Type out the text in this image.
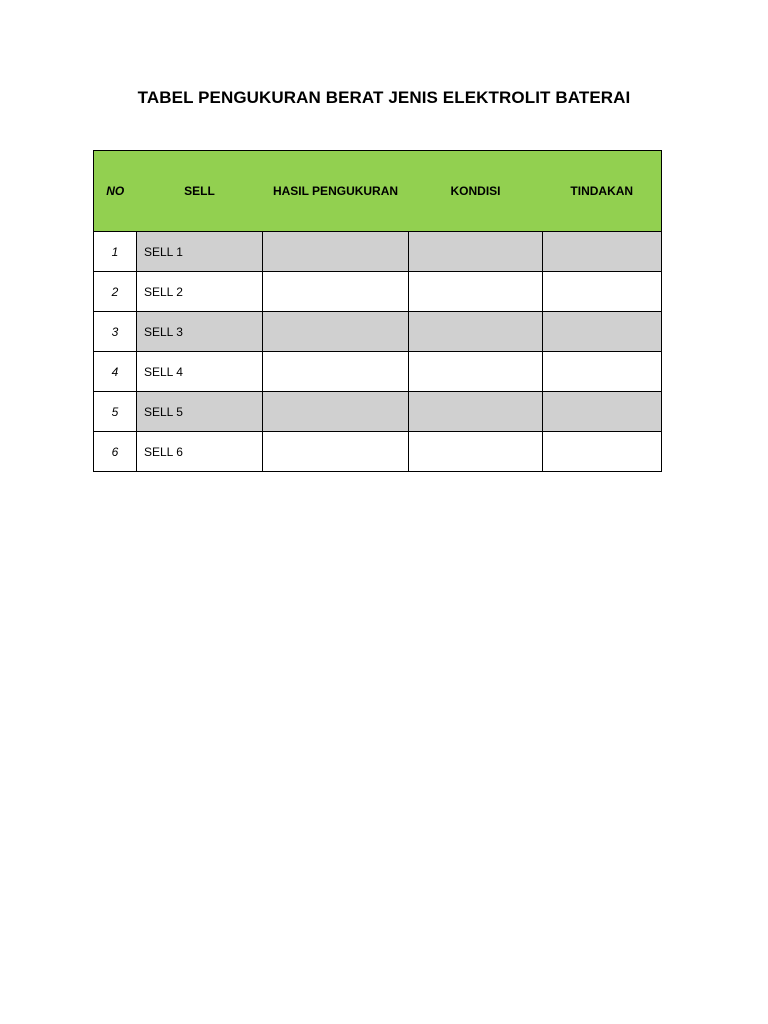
TABEL PENGUKURAN BERAT JENIS ELEKTROLIT BATERAI
NO	SELL	HASIL PENGUKURAN	KONDISI	TINDAKAN
1	SELL 1			
2	SELL 2			
3	SELL 3			
4	SELL 4			
5	SELL 5			
6	SELL 6			
